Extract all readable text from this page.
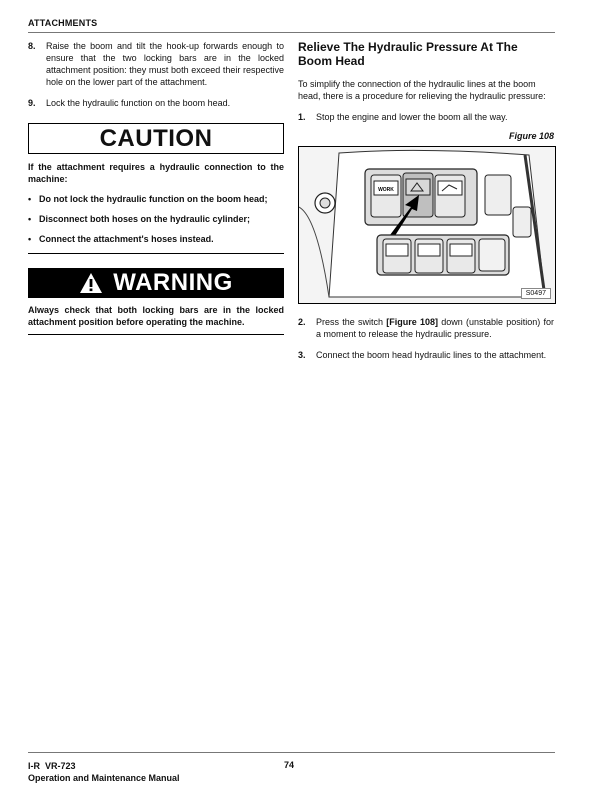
ATTACHMENTS
8.	Raise the boom and tilt the hook-up forwards enough to ensure that the two locking bars are in the locked attachment position: they must both exceed their respective hole on the lower part of the attachment.
9.	Lock the hydraulic function on the boom head.
CAUTION

If the attachment requires a hydraulic connection to the machine:

• Do not lock the hydraulic function on the boom head;
• Disconnect both hoses on the hydraulic cylinder;
• Connect the attachment's hoses instead.
WARNING
Always check that both locking bars are in the locked attachment position before operating the machine.
Relieve The Hydraulic Pressure At The Boom Head
To simplify the connection of the hydraulic lines at the boom head, there is a procedure for relieving the hydraulic pressure:
1.	Stop the engine and lower the boom all the way.
Figure 108
WORK
S0497
2.	Press the switch [Figure 108] down (unstable position) for a moment to release the hydraulic pressure.
3.	Connect the boom head hydraulic lines to the attachment.
I-R  VR-723
Operation and Maintenance Manual
74
